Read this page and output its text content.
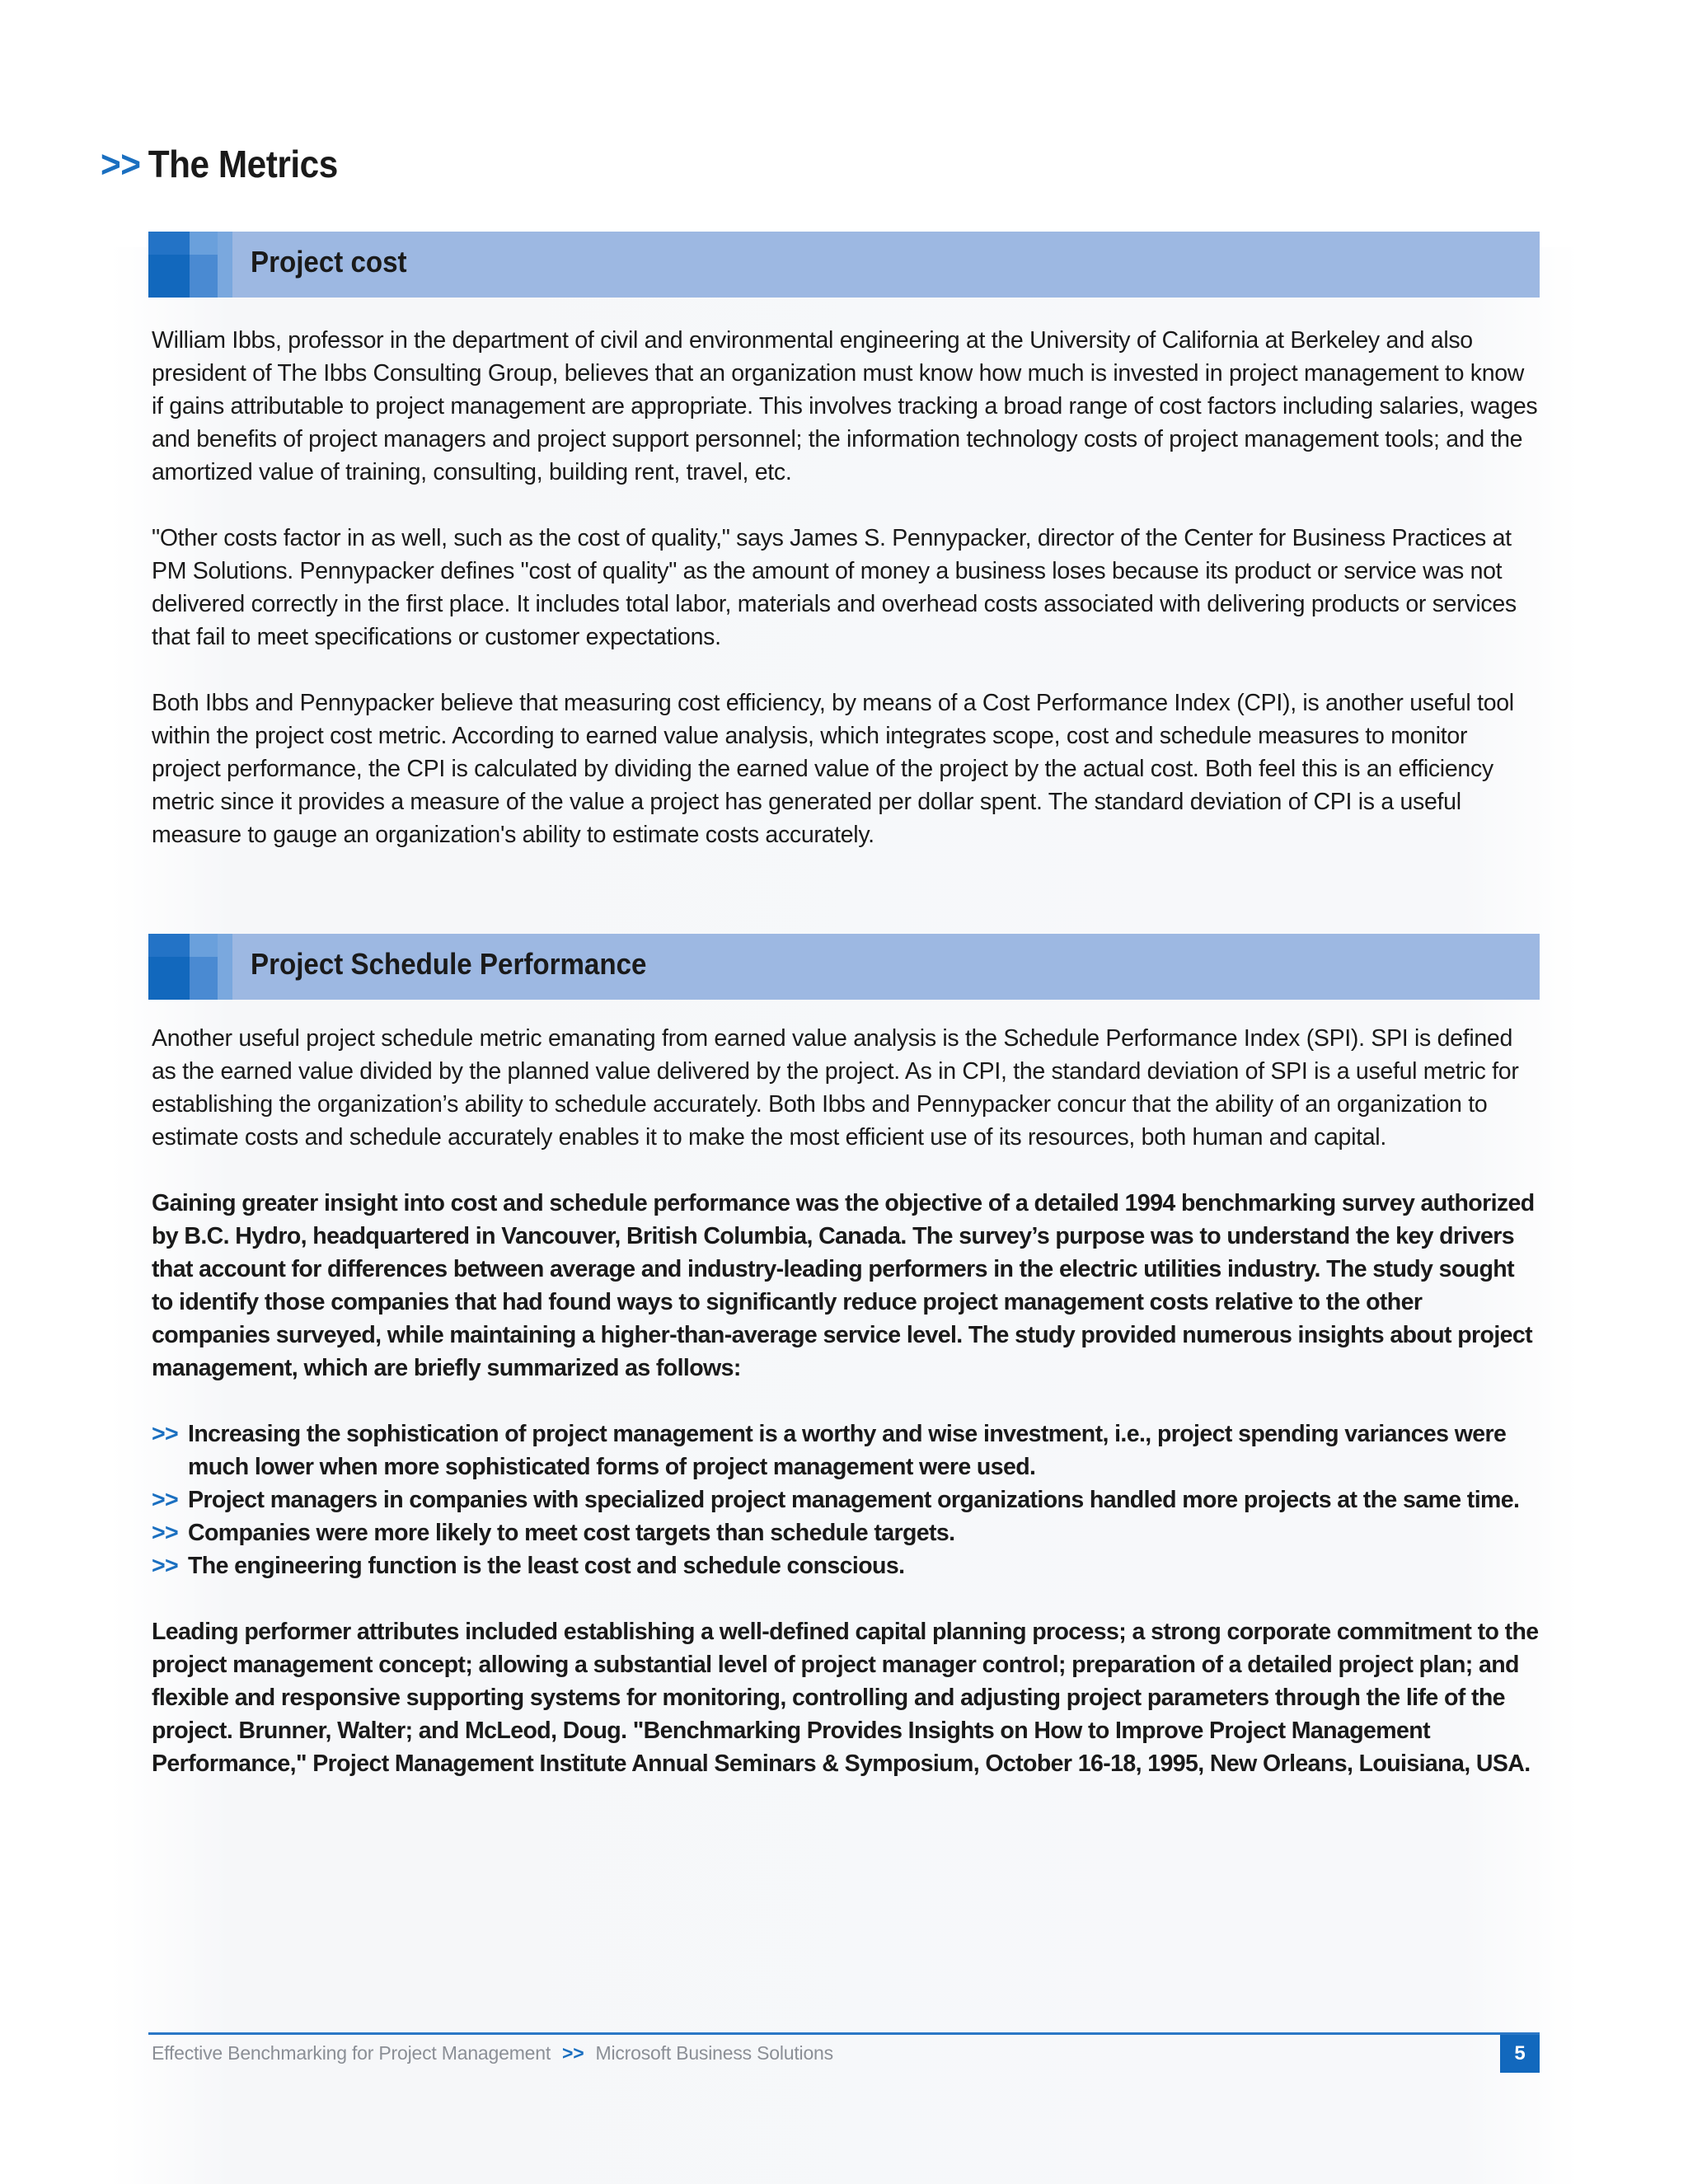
>> The Metrics
Project cost

William Ibbs, professor in the department of civil and environmental engineering at the University of California at Berkeley and also president of The Ibbs Consulting Group, believes that an organization must know how much is invested in project management to know if gains attributable to project management are appropriate. This involves tracking a broad range of cost factors including salaries, wages and benefits of project managers and project support personnel; the information technology costs of project management tools; and the amortized value of training, consulting, building rent, travel, etc.

"Other costs factor in as well, such as the cost of quality," says James S. Pennypacker, director of the Center for Business Practices at PM Solutions. Pennypacker defines "cost of quality" as the amount of money a business loses because its product or service was not delivered correctly in the first place. It includes total labor, materials and overhead costs associated with delivering products or services that fail to meet specifications or customer expectations.

Both Ibbs and Pennypacker believe that measuring cost efficiency, by means of a Cost Performance Index (CPI), is another useful tool within the project cost metric. According to earned value analysis, which integrates scope, cost and schedule measures to monitor project performance, the CPI is calculated by dividing the earned value of the project by the actual cost. Both feel this is an efficiency metric since it provides a measure of the value a project has generated per dollar spent. The standard deviation of CPI is a useful measure to gauge an organization's ability to estimate costs accurately.

Project Schedule Performance

Another useful project schedule metric emanating from earned value analysis is the Schedule Performance Index (SPI). SPI is defined as the earned value divided by the planned value delivered by the project. As in CPI, the standard deviation of SPI is a useful metric for establishing the organization’s ability to schedule accurately. Both Ibbs and Pennypacker concur that the ability of an organization to estimate costs and schedule accurately enables it to make the most efficient use of its resources, both human and capital.

Gaining greater insight into cost and schedule performance was the objective of a detailed 1994 benchmarking survey authorized by B.C. Hydro, headquartered in Vancouver, British Columbia, Canada. The survey’s purpose was to understand the key drivers that account for differences between average and industry-leading performers in the electric utilities industry. The study sought to identify those companies that had found ways to significantly reduce project management costs relative to the other companies surveyed, while maintaining a higher-than-average service level. The study provided numerous insights about project management, which are briefly summarized as follows:

>> Increasing the sophistication of project management is a worthy and wise investment, i.e., project spending variances were much lower when more sophisticated forms of project management were used.
>> Project managers in companies with specialized project management organizations handled more projects at the same time.
>> Companies were more likely to meet cost targets than schedule targets.
>> The engineering function is the least cost and schedule conscious.

Leading performer attributes included establishing a well-defined capital planning process; a strong corporate commitment to the project management concept; allowing a substantial level of project manager control; preparation of a detailed project plan; and flexible and responsive supporting systems for monitoring, controlling and adjusting project parameters through the life of the project. Brunner, Walter; and McLeod, Doug. "Benchmarking Provides Insights on How to Improve Project Management Performance," Project Management Institute Annual Seminars & Symposium, October 16-18, 1995, New Orleans, Louisiana, USA.

Effective Benchmarking for Project Management >> Microsoft Business Solutions	5
